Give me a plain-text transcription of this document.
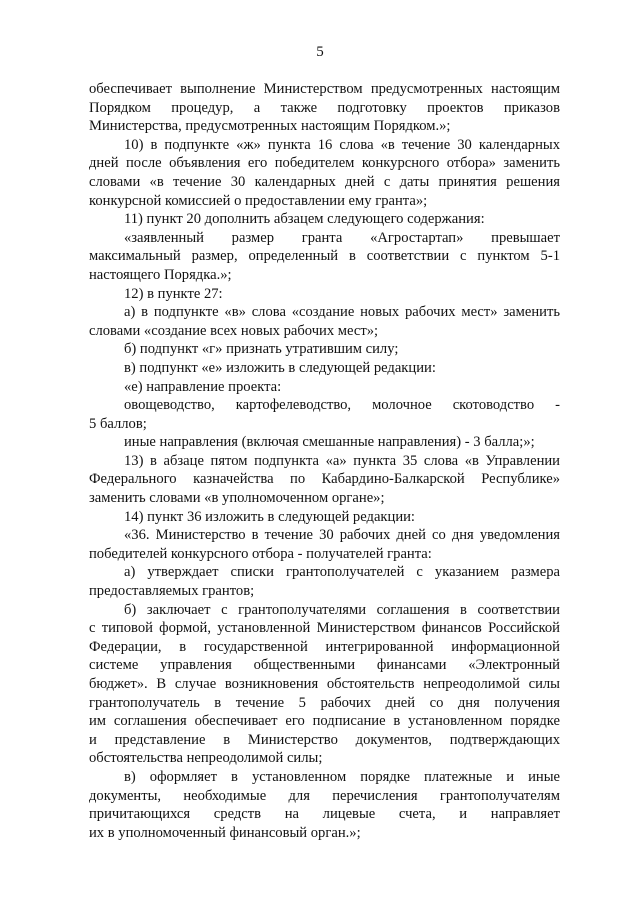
5
обеспечивает выполнение Министерством предусмотренных настоящим
Порядком процедур, а также подготовку проектов приказов
Министерства, предусмотренных настоящим Порядком.»;
10) в подпункте «ж» пункта 16 слова «в течение 30 календарных
дней после объявления его победителем конкурсного отбора» заменить
словами «в течение 30 календарных дней с даты принятия решения
конкурсной комиссией о предоставлении ему гранта»;
11) пункт 20 дополнить абзацем следующего содержания:
«заявленный размер гранта «Агростартап» превышает
максимальный размер, определенный в соответствии с пунктом 5-1
настоящего Порядка.»;
12) в пункте 27:
а) в подпункте «в» слова «создание новых рабочих мест» заменить
словами «создание всех новых рабочих мест»;
б) подпункт «г» признать утратившим силу;
в) подпункт «е» изложить в следующей редакции:
«е) направление проекта:
овощеводство, картофелеводство, молочное скотоводство -
5 баллов;
иные направления (включая смешанные направления) - 3 балла;»;
13) в абзаце пятом подпункта «а» пункта 35 слова «в Управлении
Федерального казначейства по Кабардино-Балкарской Республике»
заменить словами «в уполномоченном органе»;
14) пункт 36 изложить в следующей редакции:
«36. Министерство в течение 30 рабочих дней со дня уведомления
победителей конкурсного отбора - получателей гранта:
а) утверждает списки грантополучателей с указанием размера
предоставляемых грантов;
б) заключает с грантополучателями соглашения в соответствии
с типовой формой, установленной Министерством финансов Российской
Федерации, в государственной интегрированной информационной
системе управления общественными финансами «Электронный
бюджет». В случае возникновения обстоятельств непреодолимой силы
грантополучатель в течение 5 рабочих дней со дня получения
им соглашения обеспечивает его подписание в установленном порядке
и представление в Министерство документов, подтверждающих
обстоятельства непреодолимой силы;
в) оформляет в установленном порядке платежные и иные
документы, необходимые для перечисления грантополучателям
причитающихся средств на лицевые счета, и направляет
их в уполномоченный финансовый орган.»;
